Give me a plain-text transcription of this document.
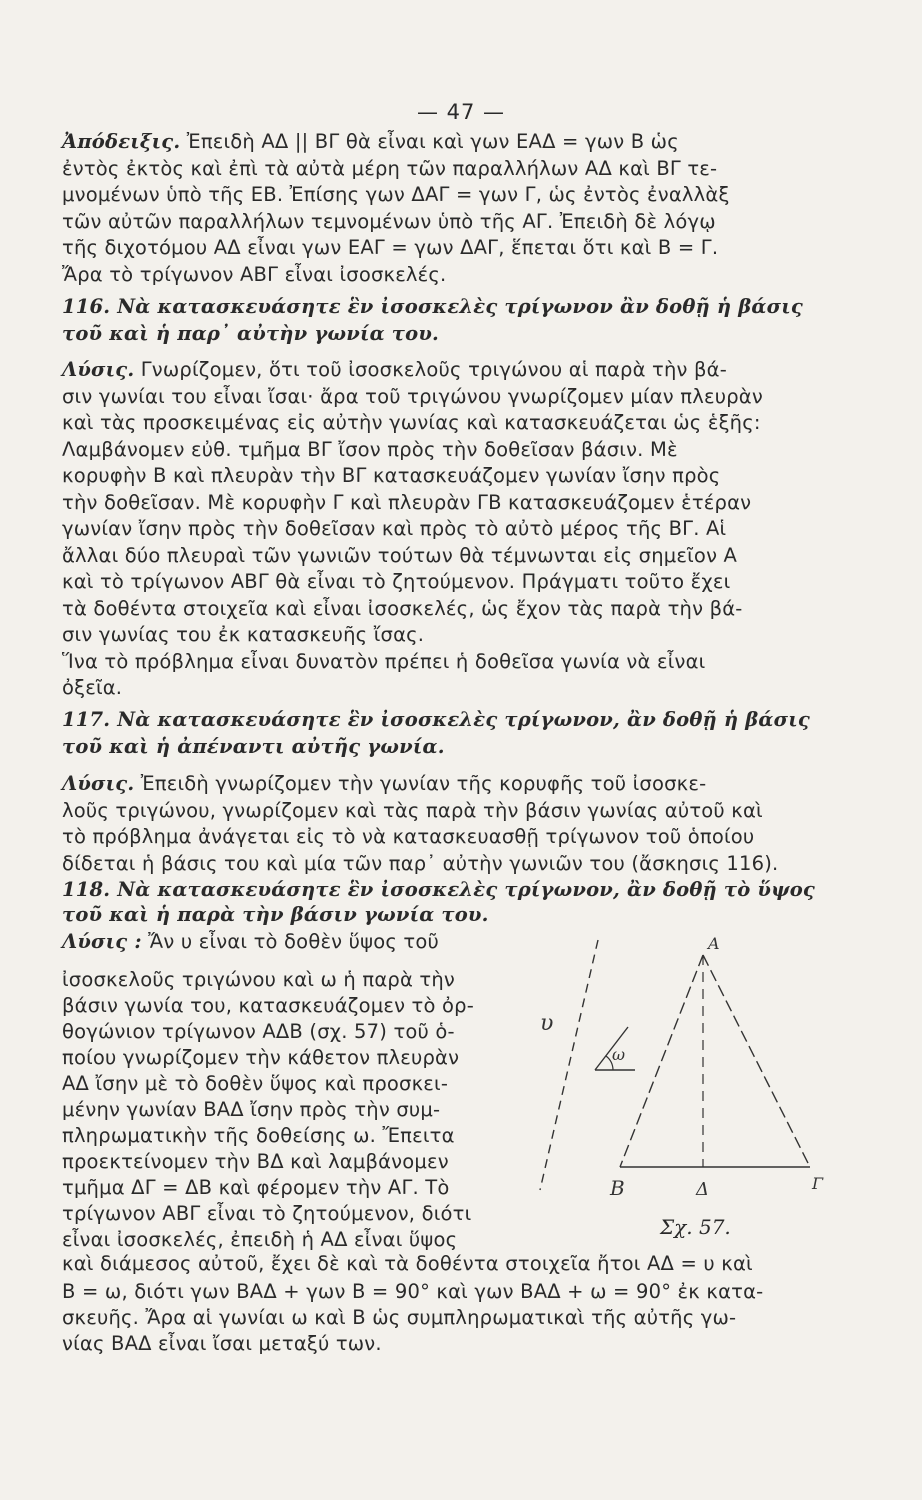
— 47 —
Ἀπόδειξις. Ἐπειδὴ ΑΔ || ΒΓ θὰ εἶναι καὶ γων ΕΑΔ = γων Β ὡς
ἐντὸς ἐκτὸς καὶ ἐπὶ τὰ αὐτὰ μέρη τῶν παραλλήλων ΑΔ καὶ ΒΓ τε-
μνομένων ὑπὸ τῆς ΕΒ. Ἐπίσης γων ΔΑΓ = γων Γ, ὡς ἐντὸς ἐναλλὰξ
τῶν αὐτῶν παραλλήλων τεμνομένων ὑπὸ τῆς ΑΓ. Ἐπειδὴ δὲ λόγῳ
τῆς διχοτόμου ΑΔ εἶναι γων ΕΑΓ = γων ΔΑΓ, ἕπεται ὅτι καὶ Β = Γ.
Ἄρα τὸ τρίγωνον ΑΒΓ εἶναι ἰσοσκελές.
116. Νὰ κατασκευάσητε ἓν ἰσοσκελὲς τρίγωνον ἂν δοθῇ ἡ βάσις
τοῦ καὶ ἡ παρ᾽ αὐτὴν γωνία του.
Λύσις. Γνωρίζομεν, ὅτι τοῦ ἰσοσκελοῦς τριγώνου αἱ παρὰ τὴν βά-
σιν γωνίαι του εἶναι ἴσαι· ἄρα τοῦ τριγώνου γνωρίζομεν μίαν πλευρὰν
καὶ τὰς προσκειμένας εἰς αὐτὴν γωνίας καὶ κατασκευάζεται ὡς ἑξῆς:
Λαμβάνομεν εὐθ. τμῆμα ΒΓ ἴσον πρὸς τὴν δοθεῖσαν βάσιν. Μὲ
κορυφὴν Β καὶ πλευρὰν τὴν ΒΓ κατασκευάζομεν γωνίαν ἴσην πρὸς
τὴν δοθεῖσαν. Μὲ κορυφὴν Γ καὶ πλευρὰν ΓΒ κατασκευάζομεν ἑτέραν
γωνίαν ἴσην πρὸς τὴν δοθεῖσαν καὶ πρὸς τὸ αὐτὸ μέρος τῆς ΒΓ. Αἱ
ἄλλαι δύο πλευραὶ τῶν γωνιῶν τούτων θὰ τέμνωνται εἰς σημεῖον Α
καὶ τὸ τρίγωνον ΑΒΓ θὰ εἶναι τὸ ζητούμενον. Πράγματι τοῦτο ἔχει
τὰ δοθέντα στοιχεῖα καὶ εἶναι ἰσοσκελές, ὡς ἔχον τὰς παρὰ τὴν βά-
σιν γωνίας του ἐκ κατασκευῆς ἴσας.
Ἵνα τὸ πρόβλημα εἶναι δυνατὸν πρέπει ἡ δοθεῖσα γωνία νὰ εἶναι
ὀξεῖα.
117. Νὰ κατασκευάσητε ἓν ἰσοσκελὲς τρίγωνον, ἂν δοθῇ ἡ βάσις
τοῦ καὶ ἡ ἀπέναντι αὐτῆς γωνία.
Λύσις. Ἐπειδὴ γνωρίζομεν τὴν γωνίαν τῆς κορυφῆς τοῦ ἰσοσκε-
λοῦς τριγώνου, γνωρίζομεν καὶ τὰς παρὰ τὴν βάσιν γωνίας αὐτοῦ καὶ
τὸ πρόβλημα ἀνάγεται εἰς τὸ νὰ κατασκευασθῇ τρίγωνον τοῦ ὁποίου
δίδεται ἡ βάσις του καὶ μία τῶν παρ᾽ αὐτὴν γωνιῶν του (ἄσκησις 116).
118. Νὰ κατασκευάσητε ἓν ἰσοσκελὲς τρίγωνον, ἂν δοθῇ τὸ ὕψος
τοῦ καὶ ἡ παρὰ τὴν βάσιν γωνία του.
Λύσις : Ἄν υ εἶναι τὸ δοθὲν ὕψος τοῦ
ἰσοσκελοῦς τριγώνου καὶ ω ἡ παρὰ τὴν
βάσιν γωνία του, κατασκευάζομεν τὸ ὀρ-
θογώνιον τρίγωνον ΑΔΒ (σχ. 57) τοῦ ὁ-
ποίου γνωρίζομεν τὴν κάθετον πλευρὰν
ΑΔ ἴσην μὲ τὸ δοθὲν ὕψος καὶ προσκει-
μένην γωνίαν ΒΑΔ ἴσην πρὸς τὴν συμ-
πληρωματικὴν τῆς δοθείσης ω. Ἔπειτα
προεκτείνομεν τὴν ΒΔ καὶ λαμβάνομεν
τμῆμα ΔΓ = ΔΒ καὶ φέρομεν τὴν ΑΓ. Τὸ
τρίγωνον ΑΒΓ εἶναι τὸ ζητούμενον, διότι
εἶναι ἰσοσκελές, ἐπειδὴ ἡ ΑΔ εἶναι ὕψος
καὶ διάμεσος αὐτοῦ, ἔχει δὲ καὶ τὰ δοθέντα στοιχεῖα ἤτοι ΑΔ = υ καὶ
Β = ω, διότι γων ΒΑΔ + γων Β = 90° καὶ γων ΒΑΔ + ω = 90° ἐκ κατα-
σκευῆς. Ἄρα αἱ γωνίαι ω καὶ Β ὡς συμπληρωματικαὶ τῆς αὐτῆς γω-
νίας ΒΑΔ εἶναι ἴσαι μεταξύ των.
υ
ω
Α
Β	Δ	Γ
Σχ. 57.
